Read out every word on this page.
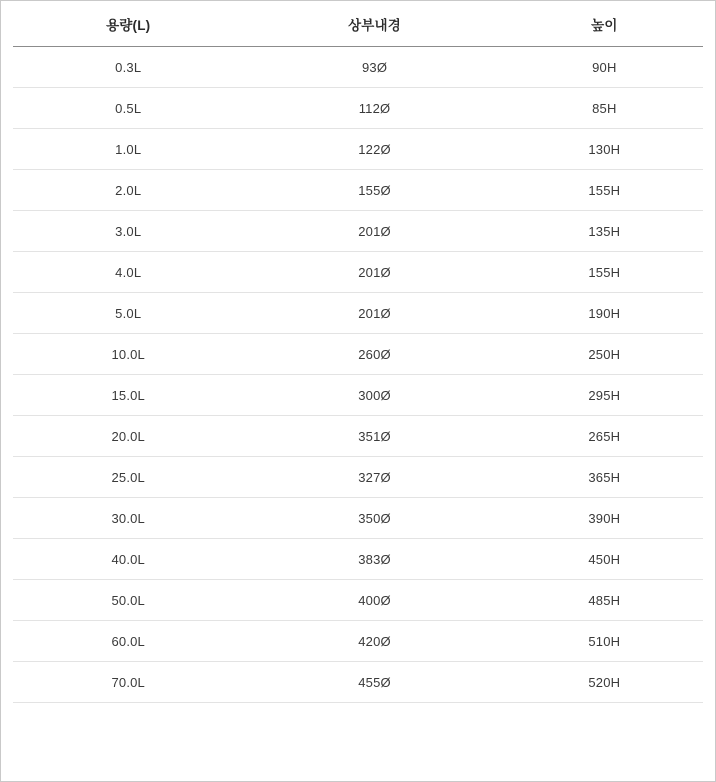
용량(L)	상부내경	높이
0.3L	93Ø	90H
0.5L	112Ø	85H
1.0L	122Ø	130H
2.0L	155Ø	155H
3.0L	201Ø	135H
4.0L	201Ø	155H
5.0L	201Ø	190H
10.0L	260Ø	250H
15.0L	300Ø	295H
20.0L	351Ø	265H
25.0L	327Ø	365H
30.0L	350Ø	390H
40.0L	383Ø	450H
50.0L	400Ø	485H
60.0L	420Ø	510H
70.0L	455Ø	520H
